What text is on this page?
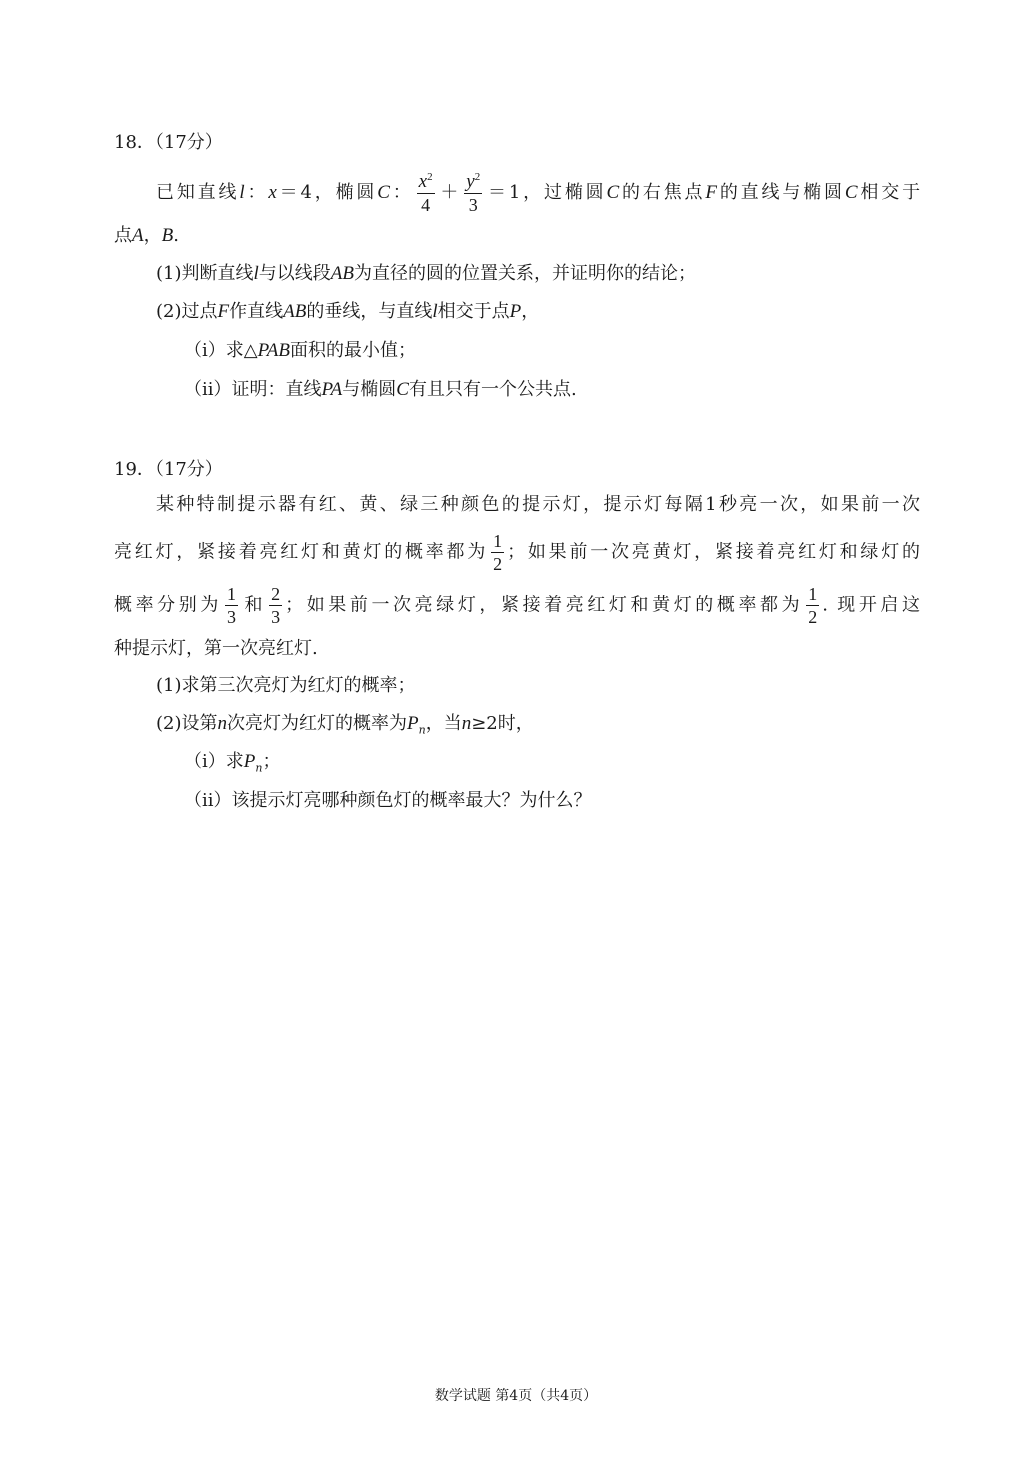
18．（17分）
已知直线l：x＝4，椭圆C： $\frac{x^2}{4} + \frac{y^2}{3} =1$，过椭圆C的右焦点F的直线与椭圆C相交于
点A，B.
(1)判断直线l与以线段AB为直径的圆的位置关系，并证明你的结论；
(2)过点F作直线AB的垂线，与直线l相交于点P，
（ⅰ）求△PAB面积的最小值；
（ⅱ）证明：直线PA与椭圆C有且只有一个公共点.
19．（17分）
某种特制提示器有红、黄、绿三种颜色的提示灯，提示灯每隔1秒亮一次，如果前一次
亮红灯，紧接着亮红灯和黄灯的概率都为 $\frac{1}{2}$ ；如果前一次亮黄灯，紧接着亮红灯和绿灯的
概率分别为 $\frac{1}{3}$ 和 $\frac{2}{3}$ ；如果前一次亮绿灯，紧接着亮红灯和黄灯的概率都为 $\frac{1}{2}$ . 现开启这
种提示灯，第一次亮红灯.
(1)求第三次亮灯为红灯的概率；
(2)设第n次亮灯为红灯的概率为$P_n$，当n≥2时，
（ⅰ）求$P_n$；
（ⅱ）该提示灯亮哪种颜色灯的概率最大？为什么？
数学试题 第4页（共4页）
